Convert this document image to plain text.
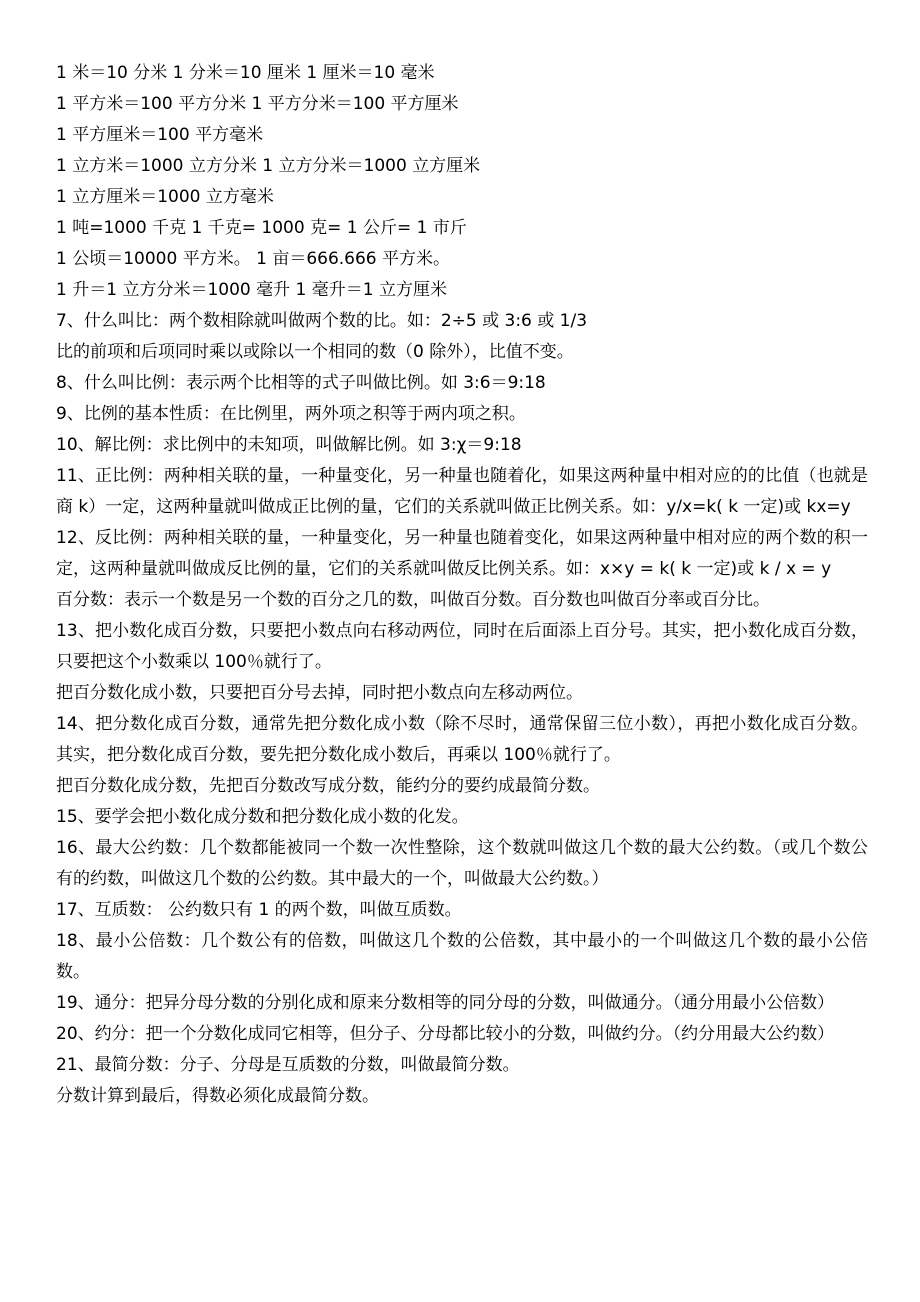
1 米＝10 分米 1 分米＝10 厘米 1 厘米＝10 毫米

1 平方米＝100 平方分米 1 平方分米＝100 平方厘米

1 平方厘米＝100 平方毫米

1 立方米＝1000 立方分米 1 立方分米＝1000 立方厘米

1 立方厘米＝1000 立方毫米

1 吨=1000 千克 1 千克= 1000 克= 1 公斤= 1 市斤

1 公顷＝10000 平方米。 1 亩＝666.666 平方米。

1 升＝1 立方分米＝1000 毫升 1 毫升＝1 立方厘米

7、什么叫比：两个数相除就叫做两个数的比。如：2÷5 或 3:6 或 1/3

比的前项和后项同时乘以或除以一个相同的数（0 除外），比值不变。

8、什么叫比例：表示两个比相等的式子叫做比例。如 3:6＝9:18

9、比例的基本性质：在比例里，两外项之积等于两内项之积。

10、解比例：求比例中的未知项，叫做解比例。如 3:χ＝9:18

11、正比例：两种相关联的量，一种量变化，另一种量也随着化，如果这两种量中相对应的的比值（也就是商 k）一定，这两种量就叫做成正比例的量，它们的关系就叫做正比例关系。如：y/x=k( k 一定)或 kx=y

12、反比例：两种相关联的量，一种量变化，另一种量也随着变化，如果这两种量中相对应的两个数的积一定，这两种量就叫做成反比例的量，它们的关系就叫做反比例关系。如：x×y = k( k 一定)或 k / x = y

百分数：表示一个数是另一个数的百分之几的数，叫做百分数。百分数也叫做百分率或百分比。

13、把小数化成百分数，只要把小数点向右移动两位，同时在后面添上百分号。其实，把小数化成百分数，只要把这个小数乘以 100％就行了。

把百分数化成小数，只要把百分号去掉，同时把小数点向左移动两位。

14、把分数化成百分数，通常先把分数化成小数（除不尽时，通常保留三位小数），再把小数化成百分数。其实，把分数化成百分数，要先把分数化成小数后，再乘以 100％就行了。

把百分数化成分数，先把百分数改写成分数，能约分的要约成最简分数。

15、要学会把小数化成分数和把分数化成小数的化发。

16、最大公约数：几个数都能被同一个数一次性整除，这个数就叫做这几个数的最大公约数。（或几个数公有的约数，叫做这几个数的公约数。其中最大的一个，叫做最大公约数。）

17、互质数： 公约数只有 1 的两个数，叫做互质数。

18、最小公倍数：几个数公有的倍数，叫做这几个数的公倍数，其中最小的一个叫做这几个数的最小公倍数。

19、通分：把异分母分数的分别化成和原来分数相等的同分母的分数，叫做通分。（通分用最小公倍数）

20、约分：把一个分数化成同它相等，但分子、分母都比较小的分数，叫做约分。（约分用最大公约数）

21、最简分数：分子、分母是互质数的分数，叫做最简分数。

分数计算到最后，得数必须化成最简分数。
